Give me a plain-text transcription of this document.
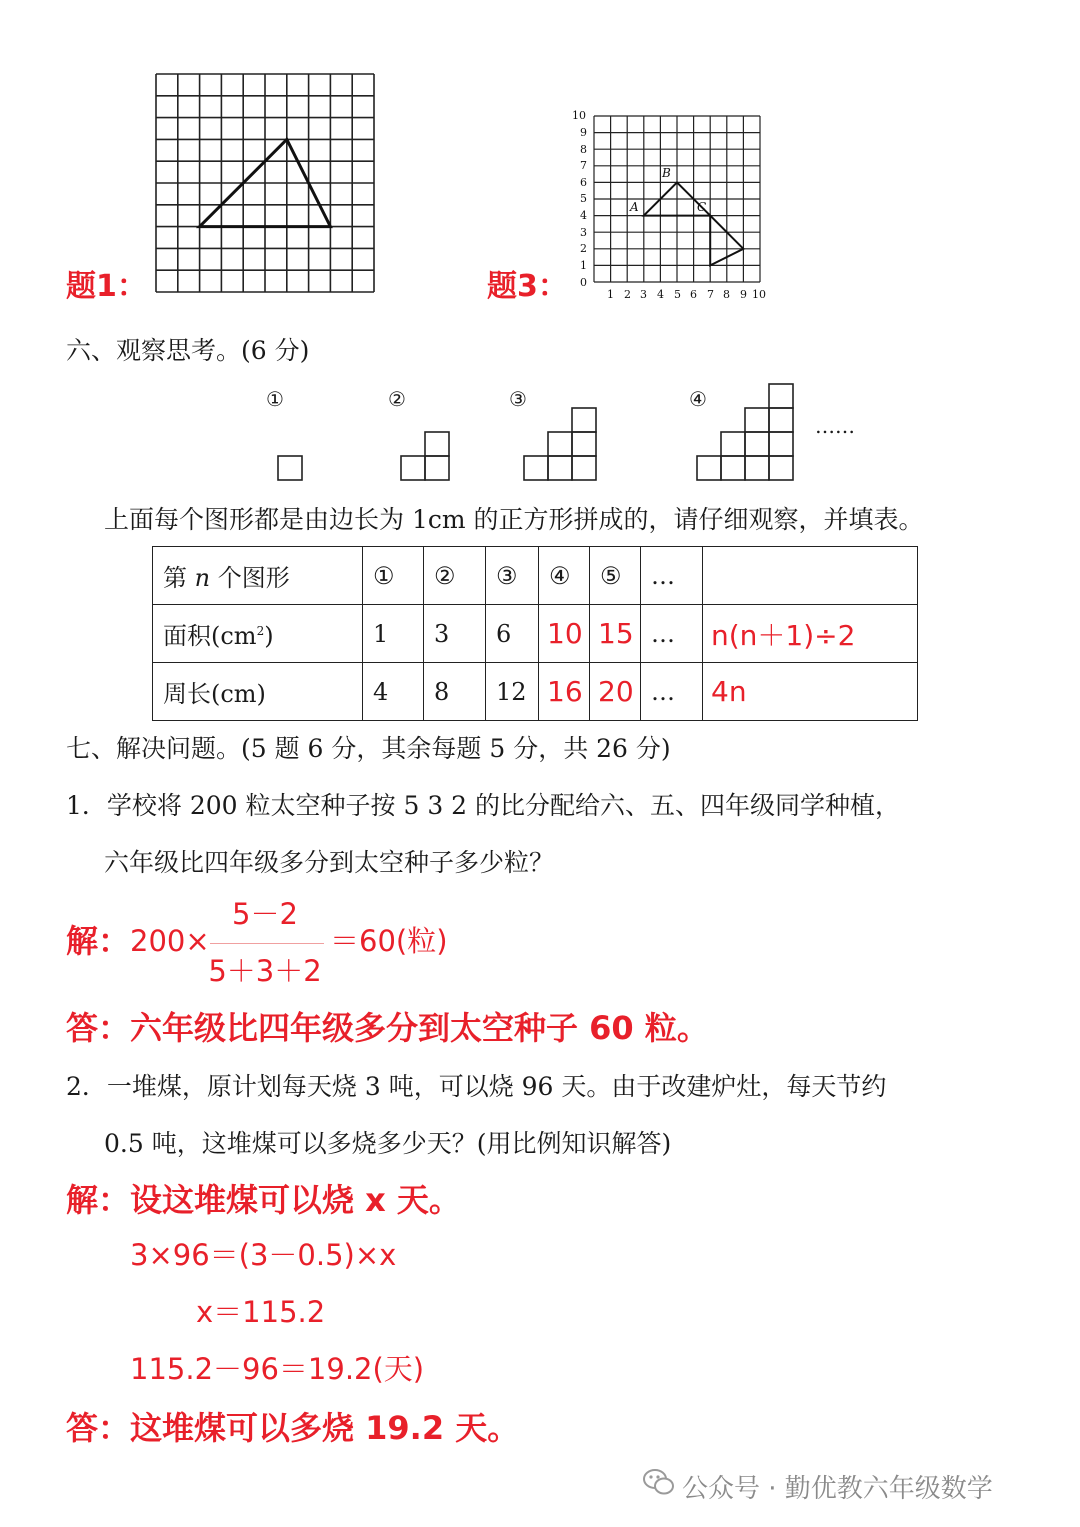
题1：	题3：
10
9
8
7
6
5
4
3
2
1
0
1 2 3 4 5 6 7 8 9 10
A
B
C
六、观察思考。(6 分)
①	②	③	④
……
上面每个图形都是由边长为 1cm 的正方形拼成的，请仔细观察，并填表。
第 n 个图形	①	②	③	④	⑤	…	
面积$(cm^2)$	1	3	6	10	15	…	n(n＋1)÷2
周长(cm)	4	8	12	16	20	…	4n
七、解决问题。(5 题 6 分，其余每题 5 分，共 26 分)
1．学校将 200 粒太空种子按 5 3 2 的比分配给六、五、四年级同学种植，
六年级比四年级多分到太空种子多少粒？
解： 200×
5－2
5＋3＋2
＝60(粒)
答：六年级比四年级多分到太空种子 60 粒。
2．一堆煤，原计划每天烧 3 吨，可以烧 96 天。由于改建炉灶，每天节约
0.5 吨，这堆煤可以多烧多少天？(用比例知识解答)
解：设这堆煤可以烧 x 天。
3×96＝(3－0.5)×x
x＝115.2
115.2－96＝19.2(天)
答：这堆煤可以多烧 19.2 天。
公众号 · 勤优教六年级数学
